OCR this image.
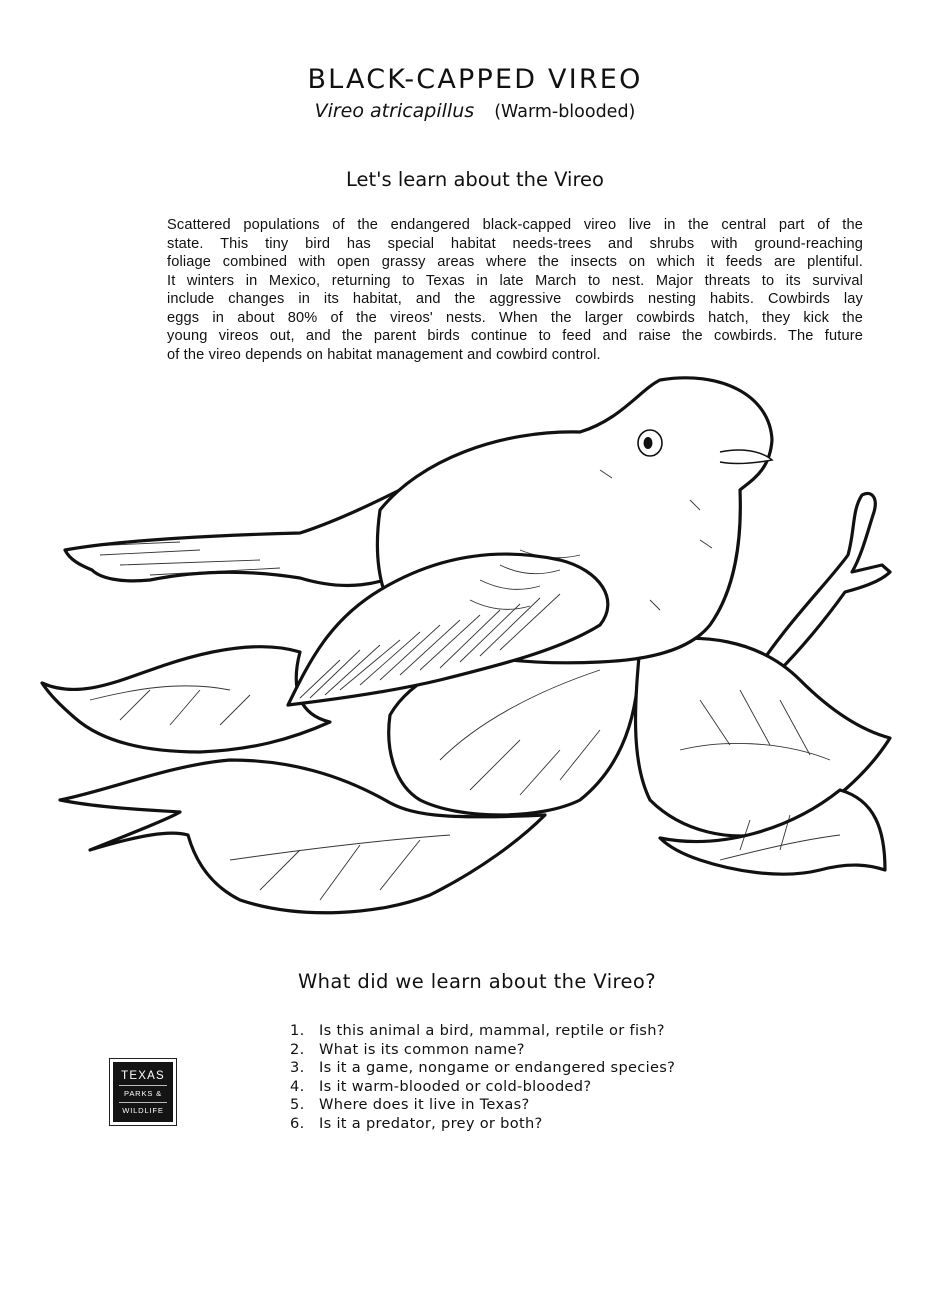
BLACK-CAPPED VIREO
Vireo atricapillus (Warm-blooded)
Let's learn about the Vireo
Scattered populations of the endangered black-capped vireo live in the central part of the
state. This tiny bird has special habitat needs-trees and shrubs with ground-reaching
foliage combined with open grassy areas where the insects on which it feeds are plentiful.
It winters in Mexico, returning to Texas in late March to nest. Major threats to its survival
include changes in its habitat, and the aggressive cowbirds nesting habits. Cowbirds lay
eggs in about 80% of the vireos' nests. When the larger cowbirds hatch, they kick the
young vireos out, and the parent birds continue to feed and raise the cowbirds. The future
of the vireo depends on habitat management and cowbird control.
What did we learn about the Vireo?
1. Is this animal a bird, mammal, reptile or fish?
2. What is its common name?
3. Is it a game, nongame or endangered species?
4. Is it warm-blooded or cold-blooded?
5. Where does it live in Texas?
6. Is it a predator, prey or both?
TEXAS
PARKS &
WILDLIFE
